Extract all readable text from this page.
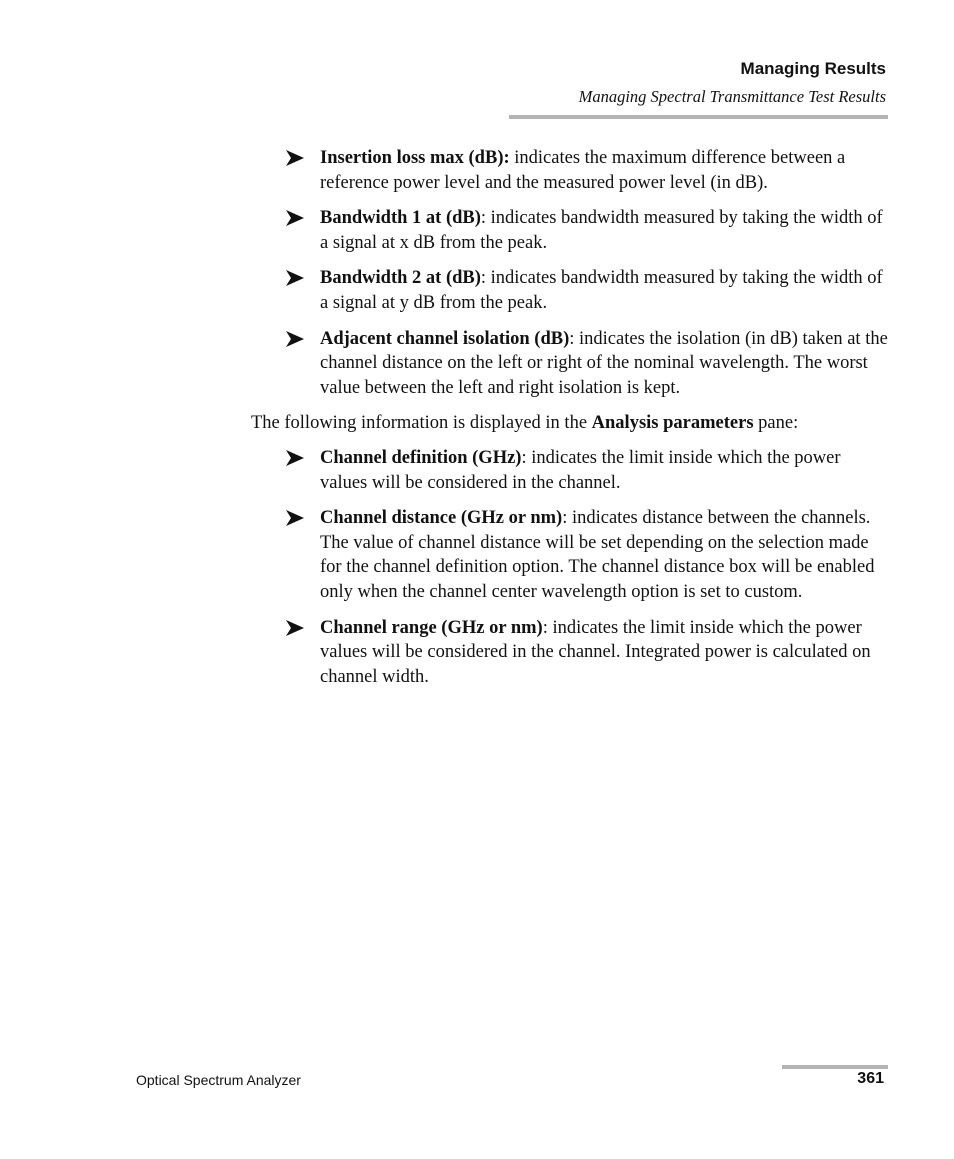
Managing Results
Managing Spectral Transmittance Test Results
Insertion loss max (dB): indicates the maximum difference between a reference power level and the measured power level (in dB).
Bandwidth 1 at (dB): indicates bandwidth measured by taking the width of a signal at x dB from the peak.
Bandwidth 2 at (dB): indicates bandwidth measured by taking the width of a signal at y dB from the peak.
Adjacent channel isolation (dB): indicates the isolation (in dB) taken at the channel distance on the left or right of the nominal wavelength. The worst value between the left and right isolation is kept.

The following information is displayed in the Analysis parameters pane:

Channel definition (GHz): indicates the limit inside which the power values will be considered in the channel.
Channel distance (GHz or nm): indicates distance between the channels. The value of channel distance will be set depending on the selection made for the channel definition option. The channel distance box will be enabled only when the channel center wavelength option is set to custom.
Channel range (GHz or nm): indicates the limit inside which the power values will be considered in the channel. Integrated power is calculated on channel width.
Optical Spectrum Analyzer	361
